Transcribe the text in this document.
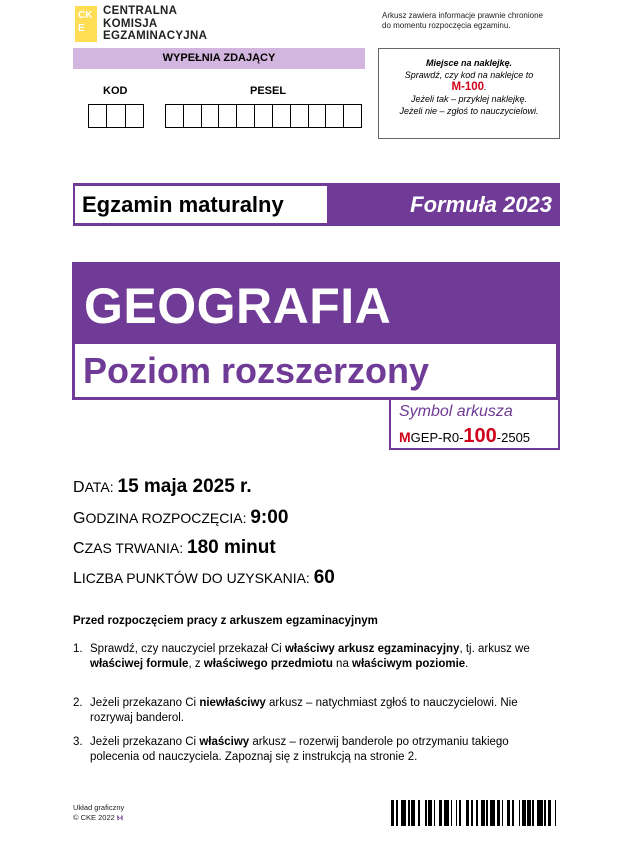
CK
E
CENTRALNA
KOMISJA
EGZAMINACYJNA
Arkusz zawiera informacje prawnie chronione
do momentu rozpoczęcia egzaminu.
WYPEŁNIA ZDAJĄCY
KOD	PESEL
Miejsce na naklejkę.
Sprawdź, czy kod na naklejce to
M-100.
Jeżeli tak – przyklej naklejkę.
Jeżeli nie – zgłoś to nauczycielowi.
Egzamin maturalny	Formuła 2023
GEOGRAFIA
Poziom rozszerzony
Symbol arkusza
MGEP-R0-100-2505
DATA: 15 maja 2025 r.
GODZINA ROZPOCZĘCIA: 9:00
CZAS TRWANIA: 180 minut
LICZBA PUNKTÓW DO UZYSKANIA: 60
Przed rozpoczęciem pracy z arkuszem egzaminacyjnym
1. Sprawdź, czy nauczyciel przekazał Ci właściwy arkusz egzaminacyjny, tj. arkusz we właściwej formule, z właściwego przedmiotu na właściwym poziomie.
2. Jeżeli przekazano Ci niewłaściwy arkusz – natychmiast zgłoś to nauczycielowi. Nie rozrywaj banderol.
3. Jeżeli przekazano Ci właściwy arkusz – rozerwij banderole po otrzymaniu takiego polecenia od nauczyciela. Zapoznaj się z instrukcją na stronie 2.
Układ graficzny
© CKE 2022 Ⲙ
